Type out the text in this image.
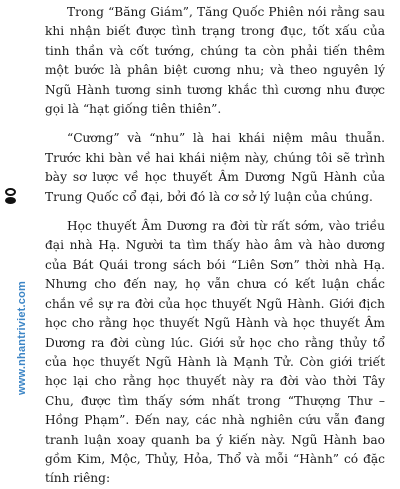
www.nhantriviet.com

Trong “Băng Giám”, Tăng Quốc Phiên nói rằng sau khi nhận biết được tình trạng trong đục, tốt xấu của tinh thần và cốt tướng, chúng ta còn phải tiến thêm một bước là phân biệt cương nhu; và theo nguyên lý Ngũ Hành tương sinh tương khắc thì cương nhu được gọi là “hạt giống tiên thiên”.

“Cương” và “nhu” là hai khái niệm mâu thuẫn. Trước khi bàn về hai khái niệm này, chúng tôi sẽ trình bày sơ lược về học thuyết Âm Dương Ngũ Hành của Trung Quốc cổ đại, bởi đó là cơ sở lý luận của chúng.

Học thuyết Âm Dương ra đời từ rất sớm, vào triều đại nhà Hạ. Người ta tìm thấy hào âm và hào dương của Bát Quái trong sách bói “Liên Sơn” thời nhà Hạ. Nhưng cho đến nay, họ vẫn chưa có kết luận chắc chắn về sự ra đời của học thuyết Ngũ Hành. Giới địch học cho rằng học thuyết Ngũ Hành và học thuyết Âm Dương ra đời cùng lúc. Giới sử học cho rằng thủy tổ của học thuyết Ngũ Hành là Mạnh Tử. Còn giới triết học lại cho rằng học thuyết này ra đời vào thời Tây Chu, được tìm thấy sớm nhất trong “Thượng Thư – Hồng Phạm”. Đến nay, các nhà nghiên cứu vẫn đang tranh luận xoay quanh ba ý kiến này. Ngũ Hành bao gồm Kim, Mộc, Thủy, Hỏa, Thổ và mỗi “Hành” có đặc tính riêng:
